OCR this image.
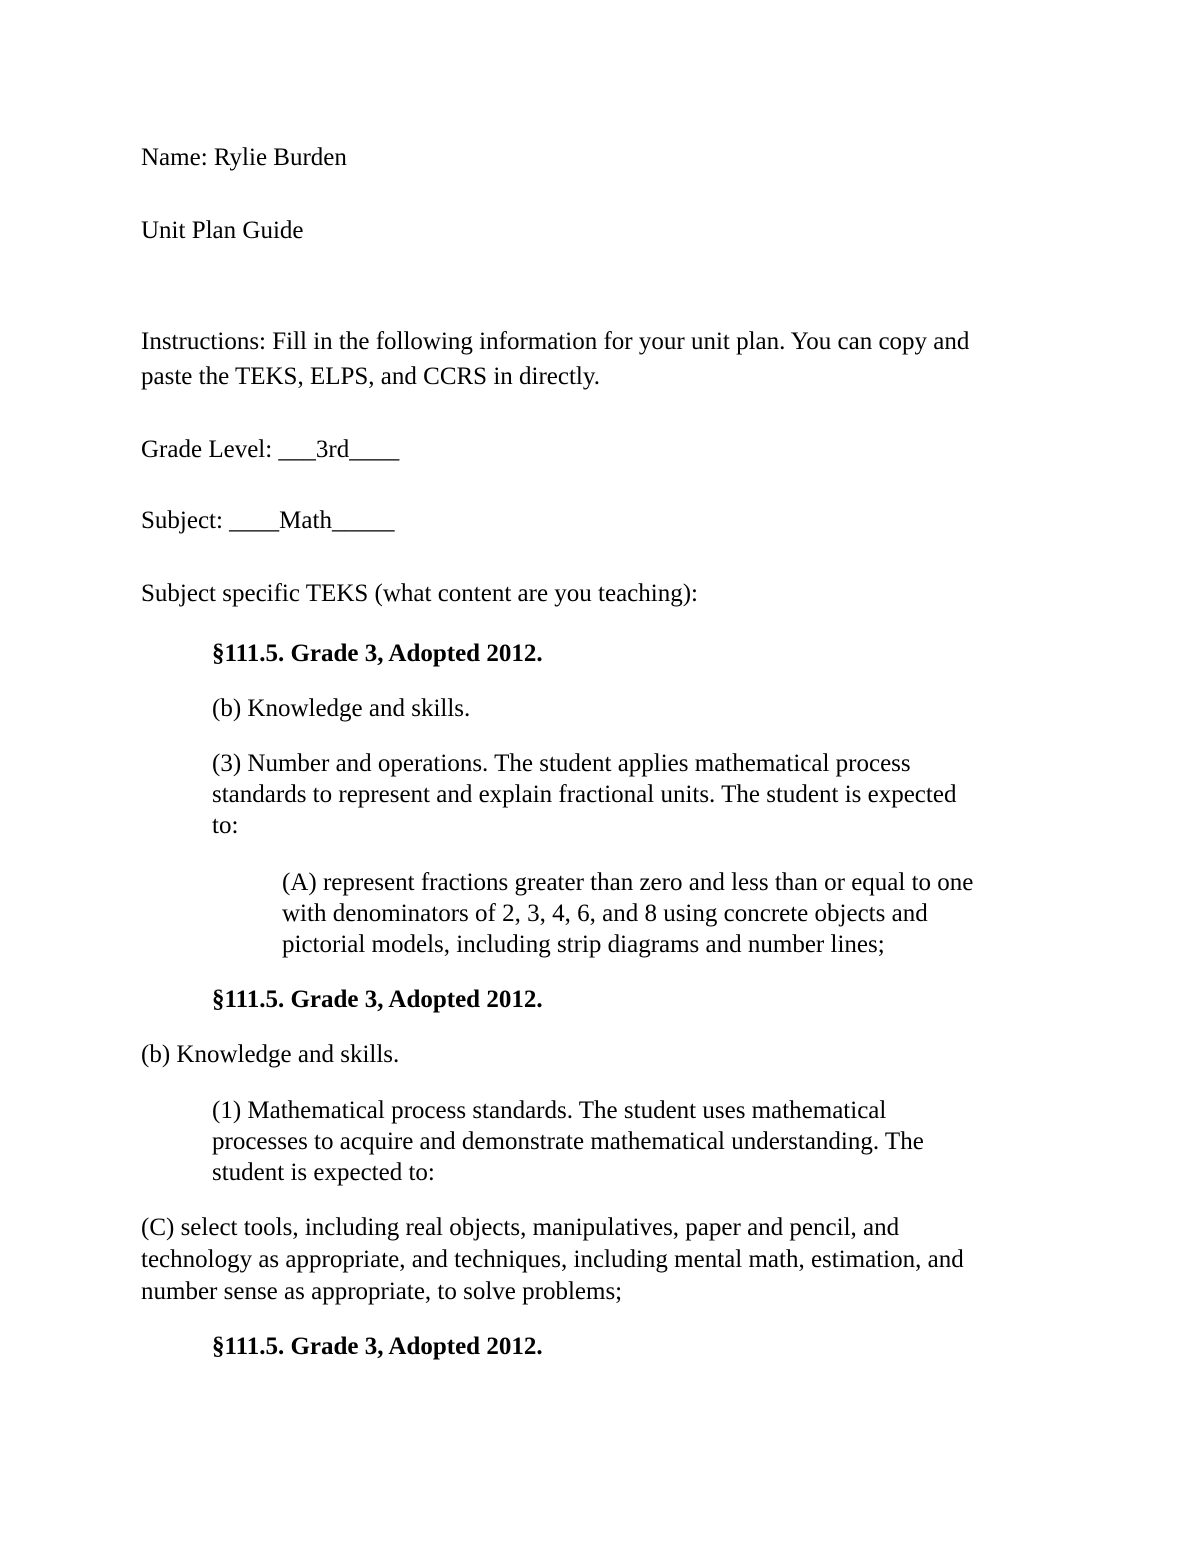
Name: Rylie Burden

Unit Plan Guide

Instructions: Fill in the following information for your unit plan. You can copy and
paste the TEKS, ELPS, and CCRS in directly.

Grade Level: ___3rd____

Subject: ____Math_____

Subject specific TEKS (what content are you teaching):

§111.5. Grade 3, Adopted 2012.

(b) Knowledge and skills.

(3) Number and operations. The student applies mathematical process
standards to represent and explain fractional units. The student is expected
to:
(A) represent fractions greater than zero and less than or equal to one
with denominators of 2, 3, 4, 6, and 8 using concrete objects and
pictorial models, including strip diagrams and number lines;

§111.5. Grade 3, Adopted 2012.

(b) Knowledge and skills.

(1) Mathematical process standards. The student uses mathematical
processes to acquire and demonstrate mathematical understanding. The
student is expected to:
(C) select tools, including real objects, manipulatives, paper and pencil, and
technology as appropriate, and techniques, including mental math, estimation, and
number sense as appropriate, to solve problems;

§111.5. Grade 3, Adopted 2012.
